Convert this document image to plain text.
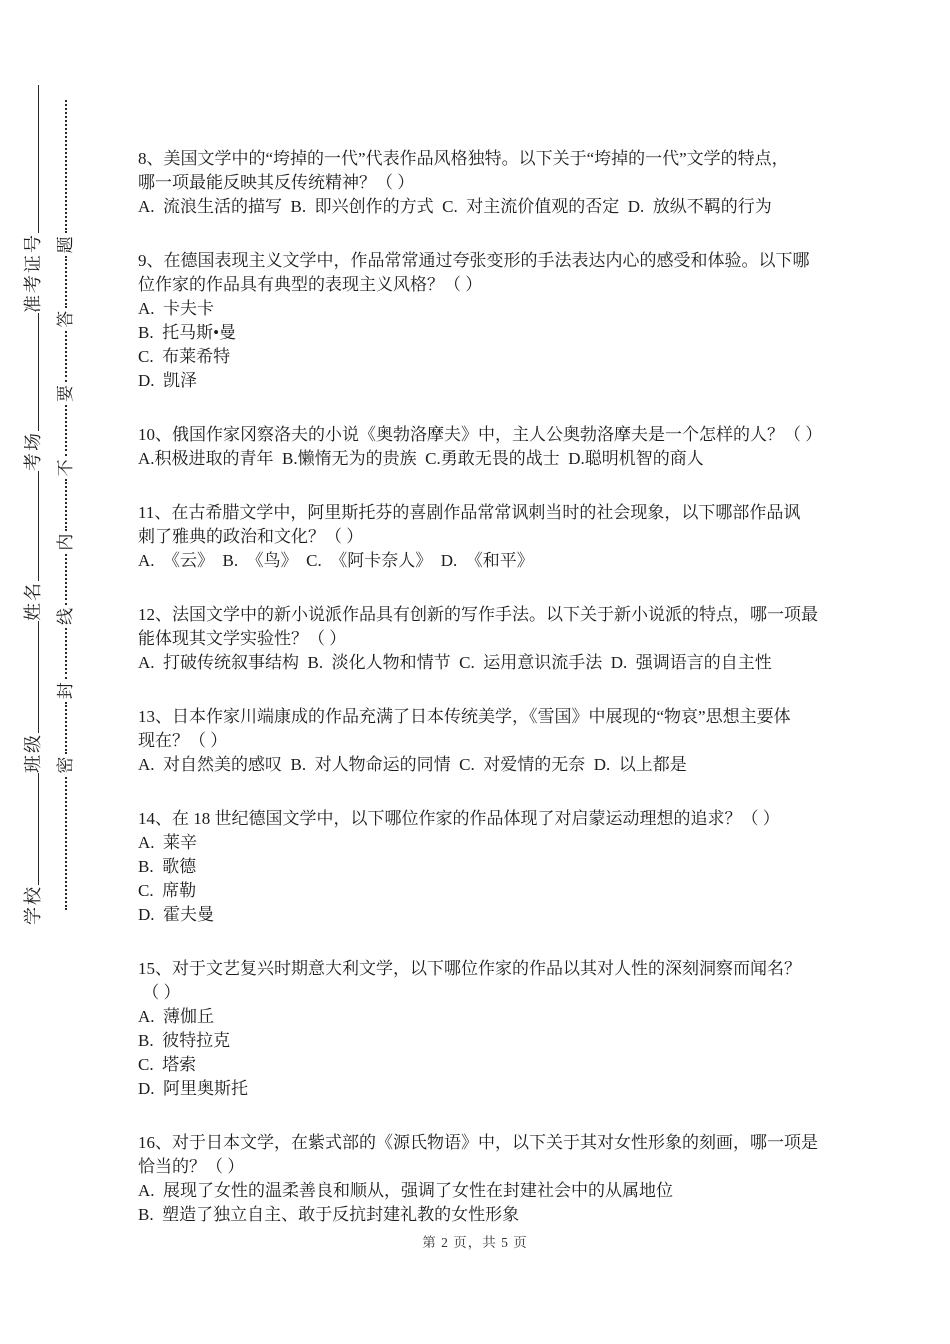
学校
班级
姓名
考场
准考证号
密
封
线
内
不
要
答
题
8、美国文学中的“垮掉的一代”代表作品风格独特。以下关于“垮掉的一代”文学的特点，
哪一项最能反映其反传统精神？（ ）
A.  流浪生活的描写  B.  即兴创作的方式  C.  对主流价值观的否定  D.  放纵不羁的行为
9、在德国表现主义文学中，作品常常通过夸张变形的手法表达内心的感受和体验。以下哪
位作家的作品具有典型的表现主义风格？（ ）
A.  卡夫卡
B.  托马斯•曼
C.  布莱希特
D.  凯泽
10、俄国作家冈察洛夫的小说《奥勃洛摩夫》中，主人公奥勃洛摩夫是一个怎样的人？（ ）
A.积极进取的青年  B.懒惰无为的贵族  C.勇敢无畏的战士  D.聪明机智的商人
11、在古希腊文学中，阿里斯托芬的喜剧作品常常讽刺当时的社会现象，以下哪部作品讽
刺了雅典的政治和文化？（ ）
A.  《云》  B.  《鸟》  C.  《阿卡奈人》  D.  《和平》
12、法国文学中的新小说派作品具有创新的写作手法。以下关于新小说派的特点，哪一项最
能体现其文学实验性？（ ）
A.  打破传统叙事结构  B.  淡化人物和情节  C.  运用意识流手法  D.  强调语言的自主性
13、日本作家川端康成的作品充满了日本传统美学，《雪国》中展现的“物哀”思想主要体
现在？（ ）
A.  对自然美的感叹  B.  对人物命运的同情  C.  对爱情的无奈  D.  以上都是
14、在 18 世纪德国文学中，以下哪位作家的作品体现了对启蒙运动理想的追求？（ ）
A.  莱辛
B.  歌德
C.  席勒
D.  霍夫曼
15、对于文艺复兴时期意大利文学，以下哪位作家的作品以其对人性的深刻洞察而闻名？
（ ）
A.  薄伽丘
B.  彼特拉克
C.  塔索
D.  阿里奥斯托
16、对于日本文学，在紫式部的《源氏物语》中，以下关于其对女性形象的刻画，哪一项是
恰当的？（ ）
A.  展现了女性的温柔善良和顺从，强调了女性在封建社会中的从属地位
B.  塑造了独立自主、敢于反抗封建礼教的女性形象
第 2 页，共 5 页
